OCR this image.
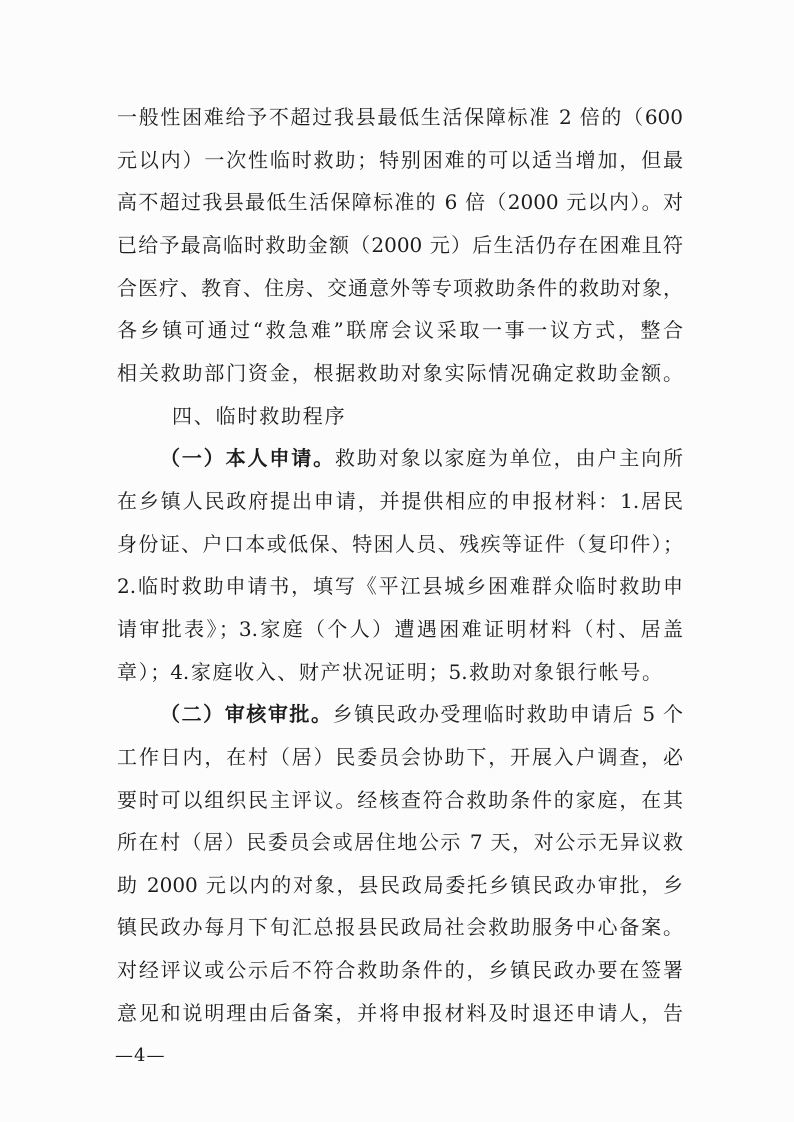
一般性困难给予不超过我县最低生活保障标准 2 倍的（600
元以内）一次性临时救助；特别困难的可以适当增加，但最
高不超过我县最低生活保障标准的 6 倍（2000 元以内）。对
已给予最高临时救助金额（2000 元）后生活仍存在困难且符
合医疗、教育、住房、交通意外等专项救助条件的救助对象，
各乡镇可通过“救急难”联席会议采取一事一议方式，整合
相关救助部门资金，根据救助对象实际情况确定救助金额。
四、临时救助程序
（一）本人申请。救助对象以家庭为单位，由户主向所
在乡镇人民政府提出申请，并提供相应的申报材料：1.居民
身份证、户口本或低保、特困人员、残疾等证件（复印件）；
2.临时救助申请书，填写《平江县城乡困难群众临时救助申
请审批表》；3.家庭（个人）遭遇困难证明材料（村、居盖
章）；4.家庭收入、财产状况证明；5.救助对象银行帐号。
（二）审核审批。乡镇民政办受理临时救助申请后 5 个
工作日内，在村（居）民委员会协助下，开展入户调查，必
要时可以组织民主评议。经核查符合救助条件的家庭，在其
所在村（居）民委员会或居住地公示 7 天，对公示无异议救
助 2000 元以内的对象，县民政局委托乡镇民政办审批，乡
镇民政办每月下旬汇总报县民政局社会救助服务中心备案。
对经评议或公示后不符合救助条件的，乡镇民政办要在签署
意见和说明理由后备案，并将申报材料及时退还申请人，告
—4—
